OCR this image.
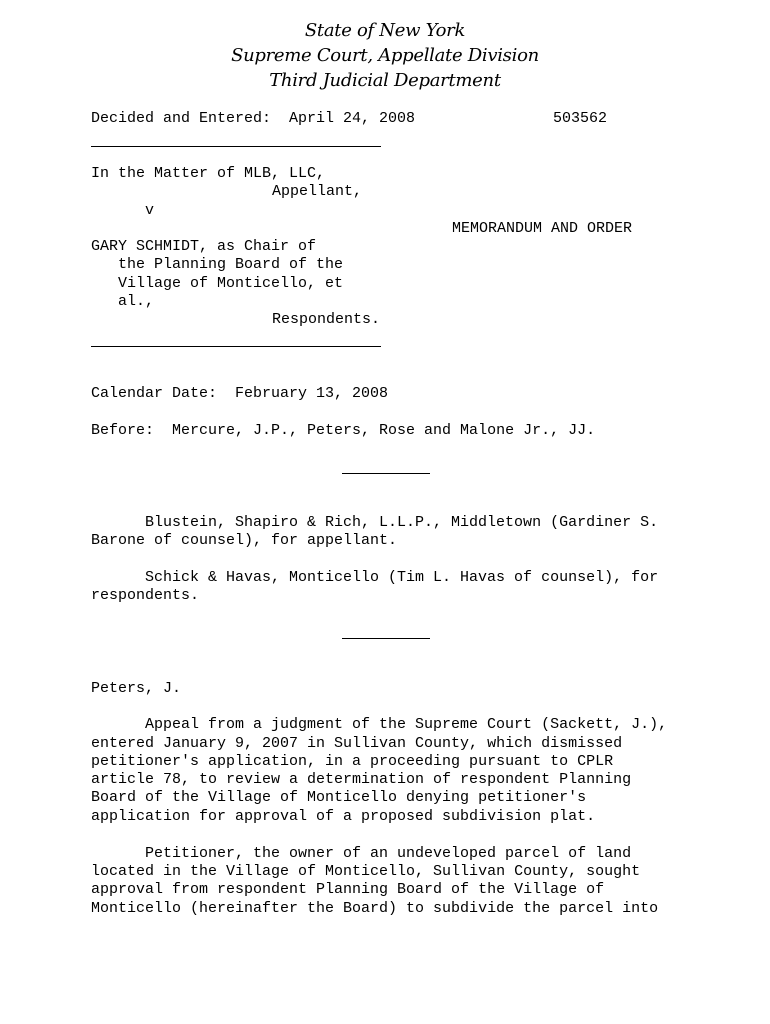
State of New York
Supreme Court, Appellate Division
Third Judicial Department
Decided and Entered:  April 24, 2008	503562
In the Matter of MLB, LLC,
Appellant,
v
MEMORANDUM AND ORDER
GARY SCHMIDT, as Chair of
the Planning Board of the
Village of Monticello, et
al.,
Respondents.
Calendar Date:  February 13, 2008
Before:  Mercure, J.P., Peters, Rose and Malone Jr., JJ.
Blustein, Shapiro & Rich, L.L.P., Middletown (Gardiner S.
Barone of counsel), for appellant.
Schick & Havas, Monticello (Tim L. Havas of counsel), for
respondents.
Peters, J.
Appeal from a judgment of the Supreme Court (Sackett, J.),
entered January 9, 2007 in Sullivan County, which dismissed
petitioner's application, in a proceeding pursuant to CPLR
article 78, to review a determination of respondent Planning
Board of the Village of Monticello denying petitioner's
application for approval of a proposed subdivision plat.
Petitioner, the owner of an undeveloped parcel of land
located in the Village of Monticello, Sullivan County, sought
approval from respondent Planning Board of the Village of
Monticello (hereinafter the Board) to subdivide the parcel into
